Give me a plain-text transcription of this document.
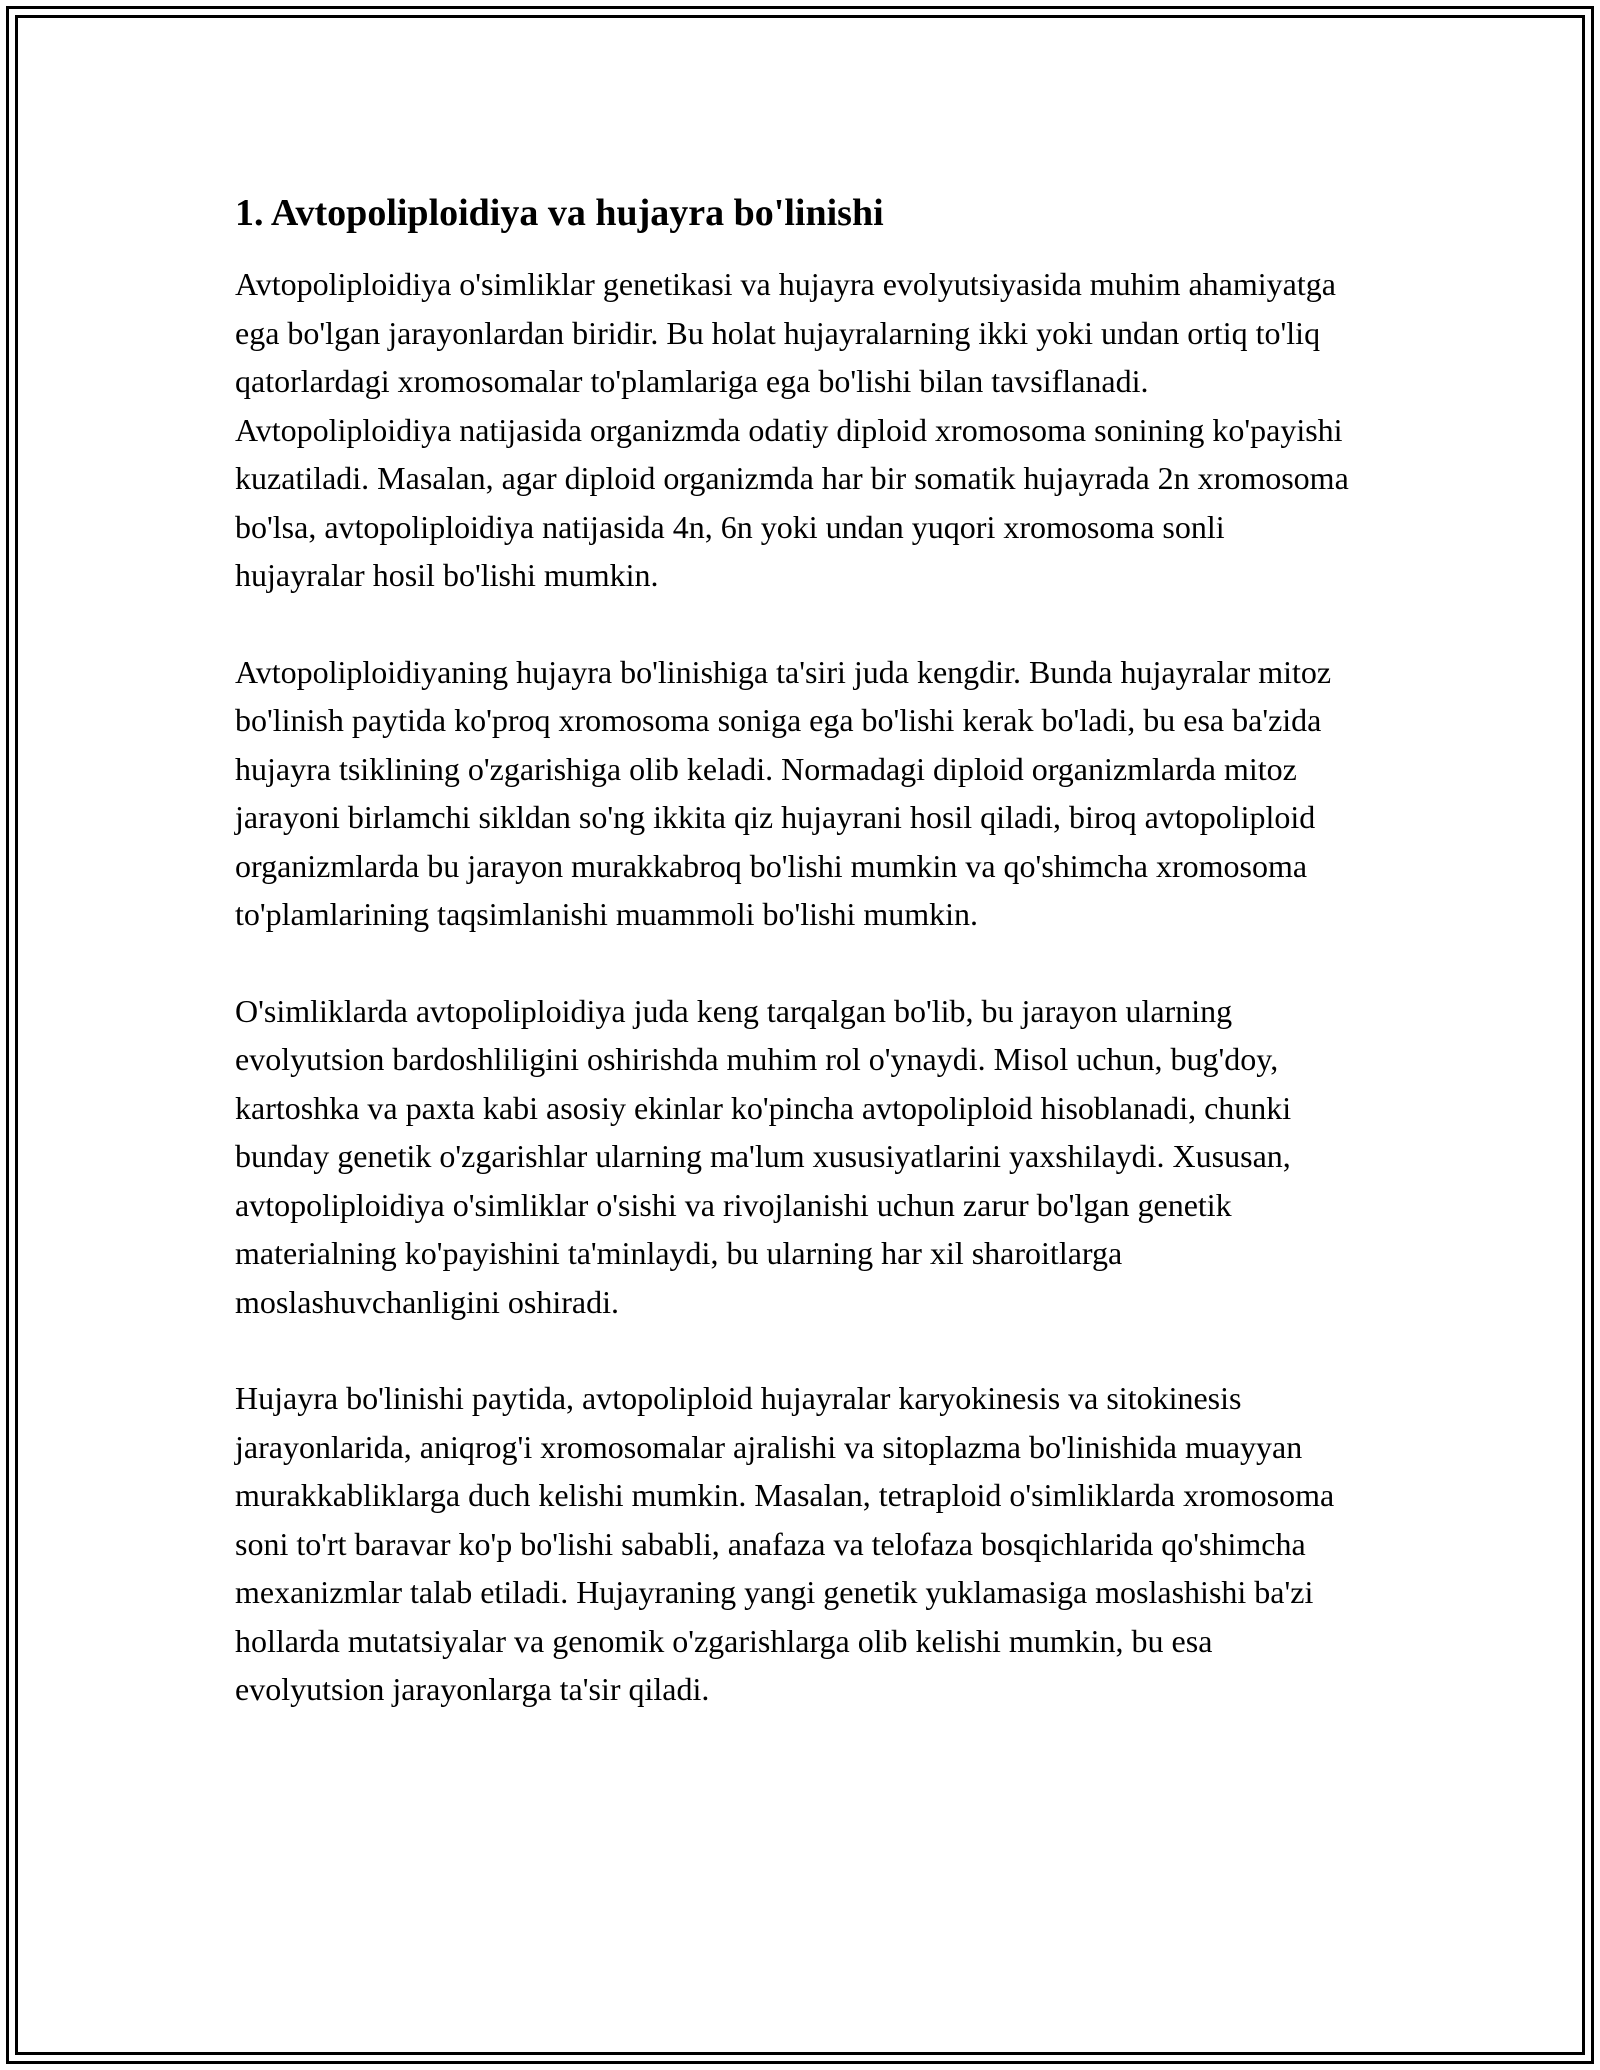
1. Avtopoliploidiya va hujayra bo'linishi

Avtopoliploidiya o'simliklar genetikasi va hujayra evolyutsiyasida muhim ahamiyatga ega bo'lgan jarayonlardan biridir. Bu holat hujayralarning ikki yoki undan ortiq to'liq qatorlardagi xromosomalar to'plamlariga ega bo'lishi bilan tavsiflanadi. Avtopoliploidiya natijasida organizmda odatiy diploid xromosoma sonining ko'payishi kuzatiladi. Masalan, agar diploid organizmda har bir somatik hujayrada 2n xromosoma bo'lsa, avtopoliploidiya natijasida 4n, 6n yoki undan yuqori xromosoma sonli hujayralar hosil bo'lishi mumkin.

Avtopoliploidiyaning hujayra bo'linishiga ta'siri juda kengdir. Bunda hujayralar mitoz bo'linish paytida ko'proq xromosoma soniga ega bo'lishi kerak bo'ladi, bu esa ba'zida hujayra tsiklining o'zgarishiga olib keladi. Normadagi diploid organizmlarda mitoz jarayoni birlamchi sikldan so'ng ikkita qiz hujayrani hosil qiladi, biroq avtopoliploid organizmlarda bu jarayon murakkabroq bo'lishi mumkin va qo'shimcha xromosoma to'plamlarining taqsimlanishi muammoli bo'lishi mumkin.

O'simliklarda avtopoliploidiya juda keng tarqalgan bo'lib, bu jarayon ularning evolyutsion bardoshliligini oshirishda muhim rol o'ynaydi. Misol uchun, bug'doy, kartoshka va paxta kabi asosiy ekinlar ko'pincha avtopoliploid hisoblanadi, chunki bunday genetik o'zgarishlar ularning ma'lum xususiyatlarini yaxshilaydi. Xususan, avtopoliploidiya o'simliklar o'sishi va rivojlanishi uchun zarur bo'lgan genetik materialning ko'payishini ta'minlaydi, bu ularning har xil sharoitlarga moslashuvchanligini oshiradi.

Hujayra bo'linishi paytida, avtopoliploid hujayralar karyokinesis va sitokinesis jarayonlarida, aniqrog'i xromosomalar ajralishi va sitoplazma bo'linishida muayyan murakkabliklarga duch kelishi mumkin. Masalan, tetraploid o'simliklarda xromosoma soni to'rt baravar ko'p bo'lishi sababli, anafaza va telofaza bosqichlarida qo'shimcha mexanizmlar talab etiladi. Hujayraning yangi genetik yuklamasiga moslashishi ba'zi hollarda mutatsiyalar va genomik o'zgarishlarga olib kelishi mumkin, bu esa evolyutsion jarayonlarga ta'sir qiladi.
